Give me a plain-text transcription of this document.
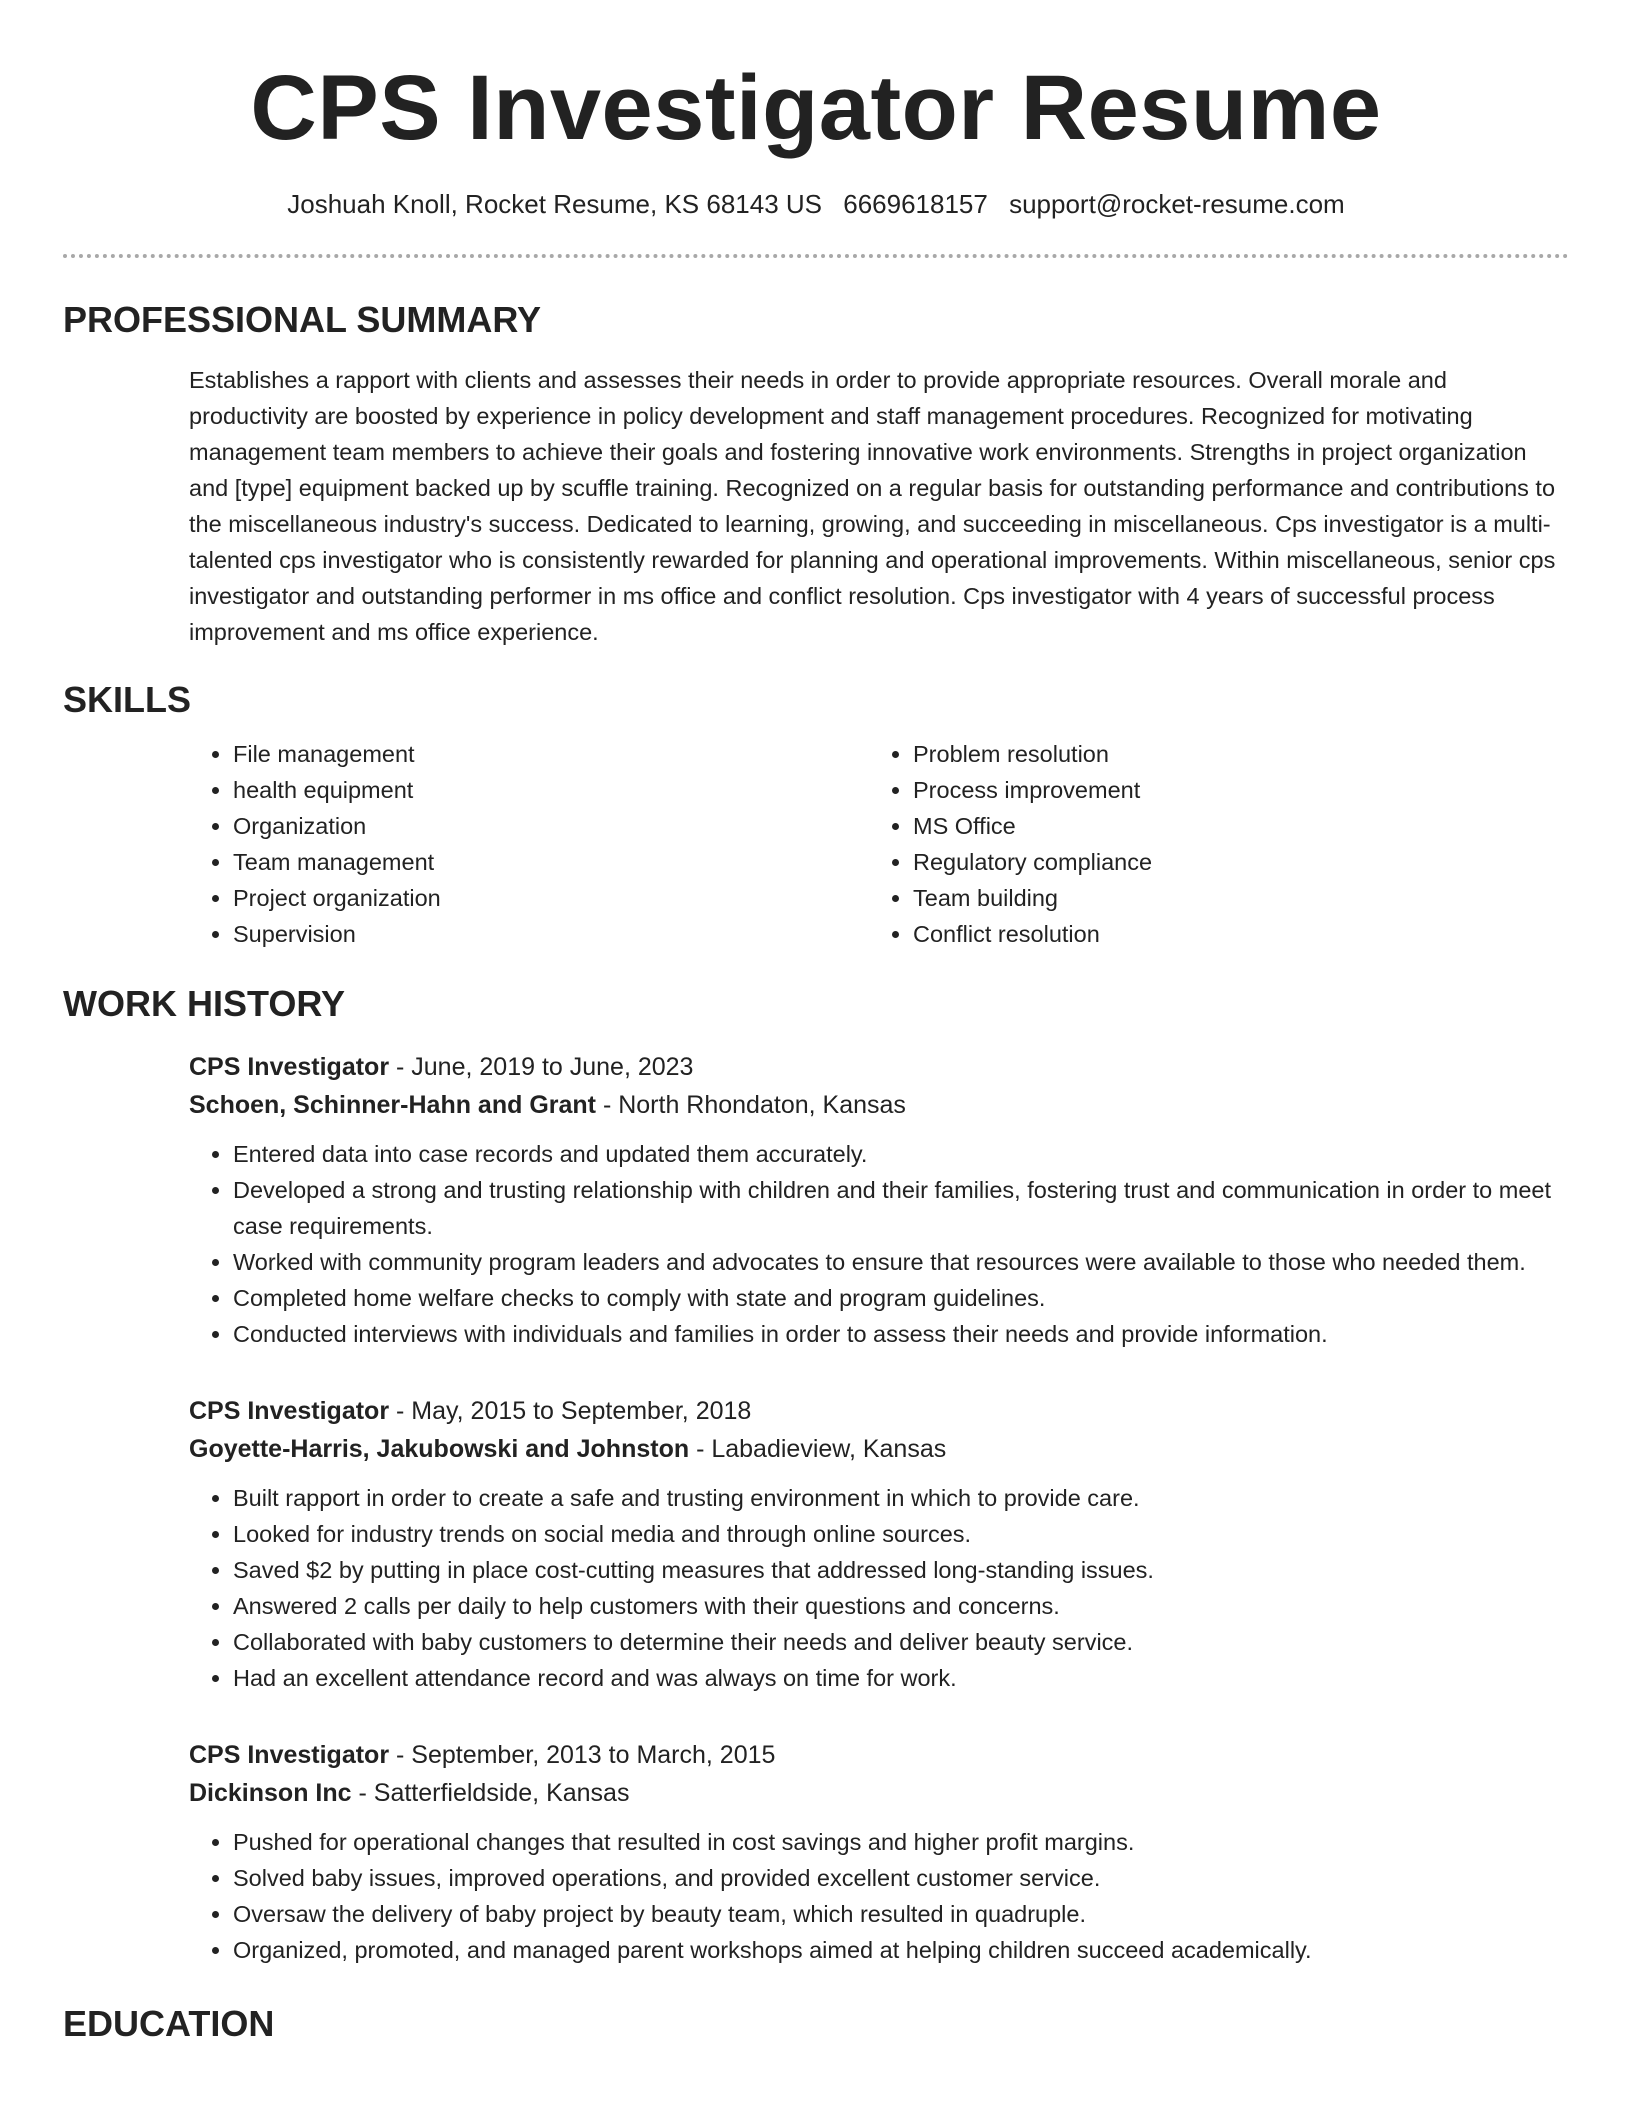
CPS Investigator Resume
Joshuah Knoll, Rocket Resume, KS 68143 US 6669618157 support@rocket-resume.com
PROFESSIONAL SUMMARY
Establishes a rapport with clients and assesses their needs in order to provide appropriate resources. Overall morale and productivity are boosted by experience in policy development and staff management procedures. Recognized for motivating management team members to achieve their goals and fostering innovative work environments. Strengths in project organization and [type] equipment backed up by scuffle training. Recognized on a regular basis for outstanding performance and contributions to the miscellaneous industry's success. Dedicated to learning, growing, and succeeding in miscellaneous. Cps investigator is a multi-talented cps investigator who is consistently rewarded for planning and operational improvements. Within miscellaneous, senior cps investigator and outstanding performer in ms office and conflict resolution. Cps investigator with 4 years of successful process improvement and ms office experience.
SKILLS
• File management
• health equipment
• Organization
• Team management
• Project organization
• Supervision
• Problem resolution
• Process improvement
• MS Office
• Regulatory compliance
• Team building
• Conflict resolution
WORK HISTORY
CPS Investigator - June, 2019 to June, 2023
Schoen, Schinner-Hahn and Grant - North Rhondaton, Kansas
• Entered data into case records and updated them accurately.
• Developed a strong and trusting relationship with children and their families, fostering trust and communication in order to meet case requirements.
• Worked with community program leaders and advocates to ensure that resources were available to those who needed them.
• Completed home welfare checks to comply with state and program guidelines.
• Conducted interviews with individuals and families in order to assess their needs and provide information.
CPS Investigator - May, 2015 to September, 2018
Goyette-Harris, Jakubowski and Johnston - Labadieview, Kansas
• Built rapport in order to create a safe and trusting environment in which to provide care.
• Looked for industry trends on social media and through online sources.
• Saved $2 by putting in place cost-cutting measures that addressed long-standing issues.
• Answered 2 calls per daily to help customers with their questions and concerns.
• Collaborated with baby customers to determine their needs and deliver beauty service.
• Had an excellent attendance record and was always on time for work.
CPS Investigator - September, 2013 to March, 2015
Dickinson Inc - Satterfieldside, Kansas
• Pushed for operational changes that resulted in cost savings and higher profit margins.
• Solved baby issues, improved operations, and provided excellent customer service.
• Oversaw the delivery of baby project by beauty team, which resulted in quadruple.
• Organized, promoted, and managed parent workshops aimed at helping children succeed academically.
EDUCATION
